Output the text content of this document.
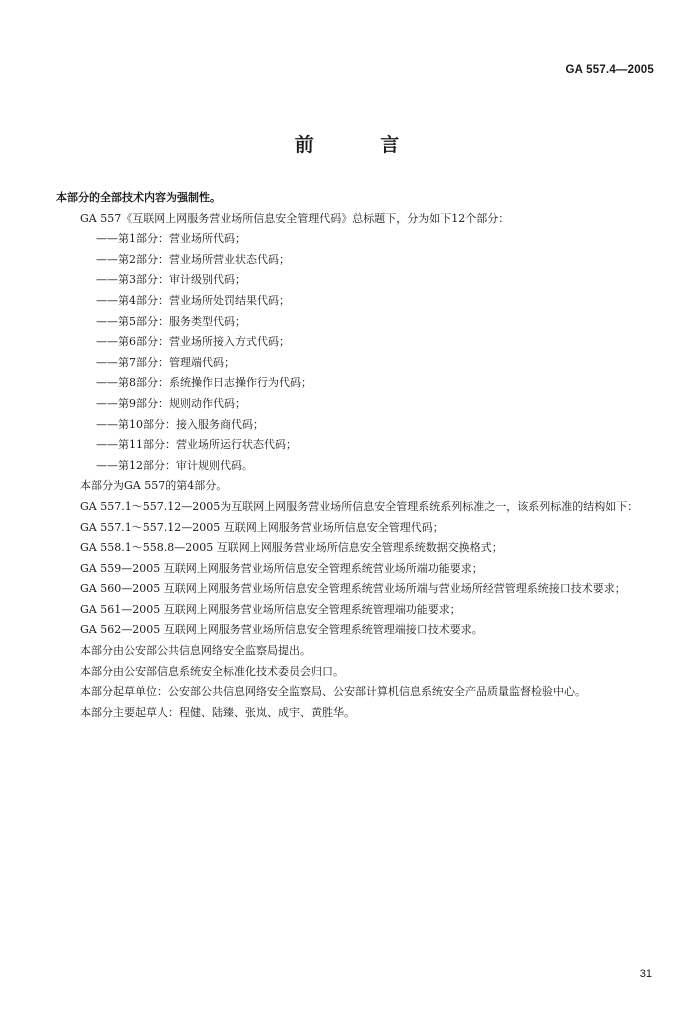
GA 557.4—2005
前 言

本部分的全部技术内容为强制性。

GA 557《互联网上网服务营业场所信息安全管理代码》总标题下，分为如下12个部分：

——第1部分：营业场所代码；

——第2部分：营业场所营业状态代码；

——第3部分：审计级别代码；

——第4部分：营业场所处罚结果代码；

——第5部分：服务类型代码；

——第6部分：营业场所接入方式代码；

——第7部分：管理端代码；

——第8部分：系统操作日志操作行为代码；

——第9部分：规则动作代码；

——第10部分：接入服务商代码；

——第11部分：营业场所运行状态代码；

——第12部分：审计规则代码。

本部分为GA 557的第4部分。

GA 557.1～557.12—2005为互联网上网服务营业场所信息安全管理系统系列标准之一，该系列标准的结构如下：

GA 557.1～557.12—2005 互联网上网服务营业场所信息安全管理代码；

GA 558.1～558.8—2005 互联网上网服务营业场所信息安全管理系统数据交换格式；

GA 559—2005 互联网上网服务营业场所信息安全管理系统营业场所端功能要求；

GA 560—2005 互联网上网服务营业场所信息安全管理系统营业场所端与营业场所经营管理系统接口技术要求；

GA 561—2005 互联网上网服务营业场所信息安全管理系统管理端功能要求；

GA 562—2005 互联网上网服务营业场所信息安全管理系统管理端接口技术要求。

本部分由公安部公共信息网络安全监察局提出。

本部分由公安部信息系统安全标准化技术委员会归口。

本部分起草单位：公安部公共信息网络安全监察局、公安部计算机信息系统安全产品质量监督检验中心。

本部分主要起草人：程健、陆臻、张岚、成宇、黄胜华。

31
